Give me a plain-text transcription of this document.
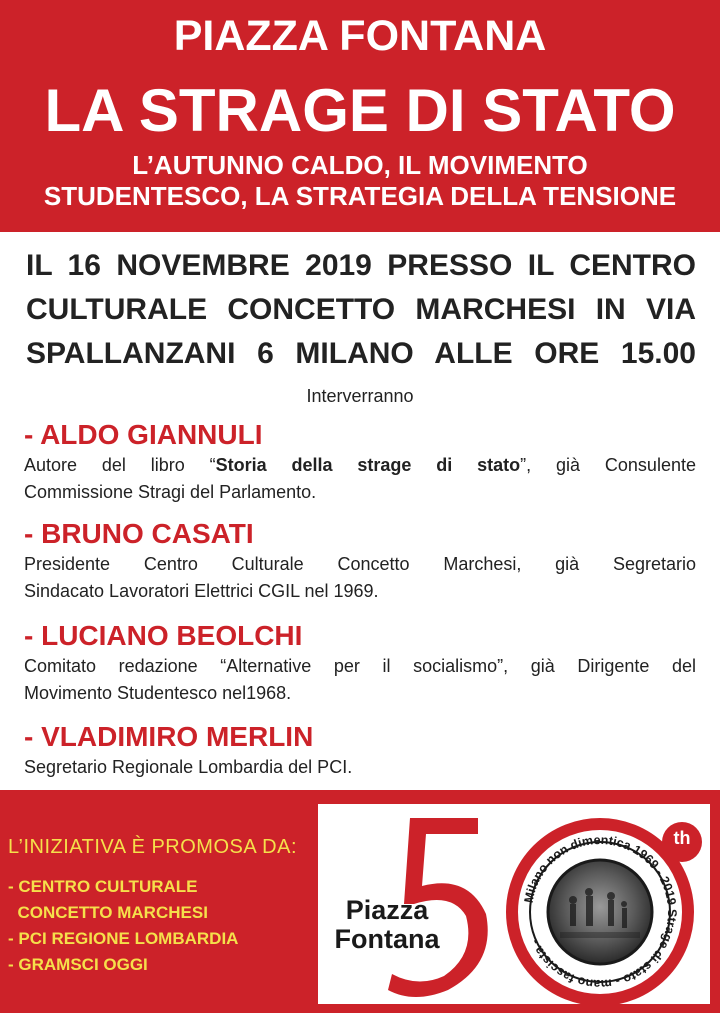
PIAZZA FONTANA
LA STRAGE DI STATO
L’AUTUNNO CALDO, IL MOVIMENTO
STUDENTESCO, LA STRATEGIA DELLA TENSIONE
IL 16 NOVEMBRE 2019 PRESSO IL CENTRO
CULTURALE CONCETTO MARCHESI IN VIA
SPALLANZANI 6 MILANO ALLE ORE 15.00
Interverranno
- ALDO GIANNULI
Autore del libro “Storia della strage di stato”, già Consulente
Commissione Stragi del Parlamento.
- BRUNO CASATI
Presidente Centro Culturale Concetto Marchesi, già Segretario
Sindacato Lavoratori Elettrici CGIL nel 1969.
- LUCIANO BEOLCHI
Comitato redazione “Alternative per il socialismo”, già Dirigente del
Movimento Studentesco nel1968.
- VLADIMIRO MERLIN
Segretario Regionale Lombardia del PCI.
L’INIZIATIVA È PROMOSA DA:
- CENTRO CULTURALE
CONCETTO MARCHESI
- PCI REGIONE LOMBARDIA
- GRAMSCI OGGI
th
Milano non dimentica 1969 - 2019 Strage di stato - mano fascista -
Piazza
Fontana
